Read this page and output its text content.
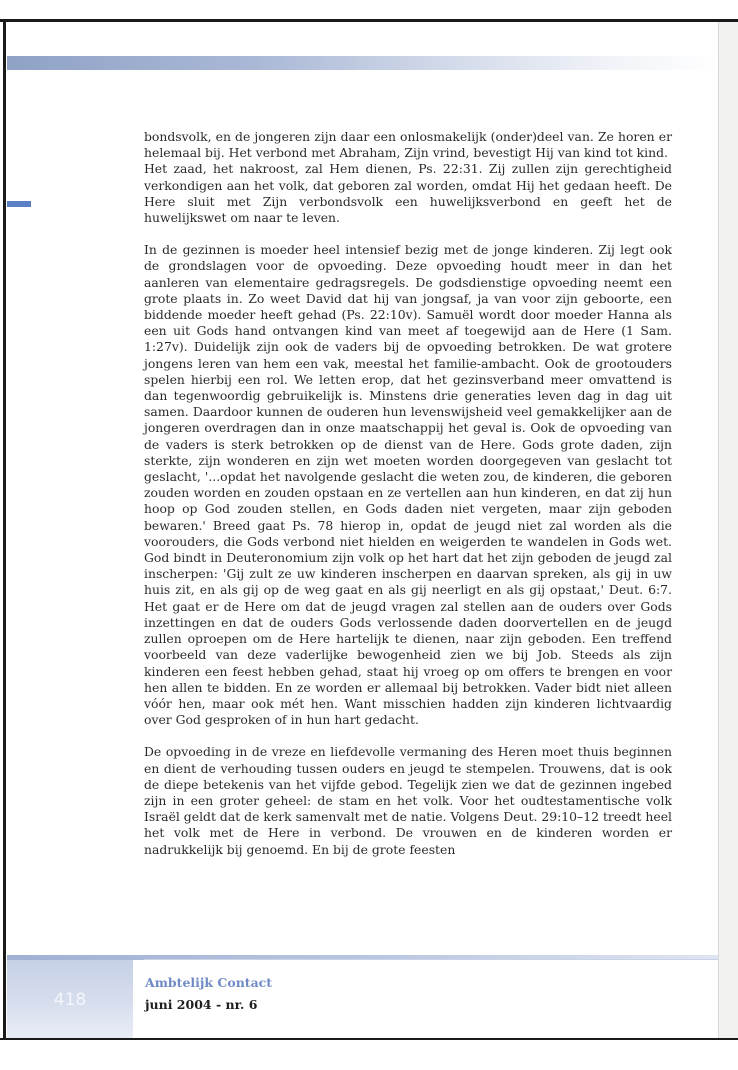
bondsvolk, en de jongeren zijn daar een onlosmakelijk (onder)deel van. Ze horen er helemaal bij. Het verbond met Abraham, Zijn vrind, bevestigt Hij van kind tot kind.

Het zaad, het nakroost, zal Hem dienen, Ps. 22:31. Zij zullen zijn gerechtigheid verkondigen aan het volk, dat geboren zal worden, omdat Hij het gedaan heeft. De Here sluit met Zijn verbondsvolk een huwelijksverbond en geeft het de huwelijkswet om naar te leven.

In de gezinnen is moeder heel intensief bezig met de jonge kinderen. Zij legt ook de grondslagen voor de opvoeding. Deze opvoeding houdt meer in dan het aanleren van elementaire gedragsregels. De godsdienstige opvoeding neemt een grote plaats in. Zo weet David dat hij van jongsaf, ja van voor zijn geboorte, een biddende moeder heeft gehad (Ps. 22:10v). Samuël wordt door moeder Hanna als een uit Gods hand ontvangen kind van meet af toegewijd aan de Here (1 Sam. 1:27v). Duidelijk zijn ook de vaders bij de opvoeding betrokken. De wat grotere jongens leren van hem een vak, meestal het familie-ambacht. Ook de grootouders spelen hierbij een rol. We letten erop, dat het gezinsverband meer omvattend is dan tegenwoordig gebruikelijk is. Minstens drie generaties leven dag in dag uit samen. Daardoor kunnen de ouderen hun levenswijsheid veel gemakkelijker aan de jongeren overdragen dan in onze maatschappij het geval is. Ook de opvoeding van de vaders is sterk betrokken op de dienst van de Here. Gods grote daden, zijn sterkte, zijn wonderen en zijn wet moeten worden doorgegeven van geslacht tot geslacht, '...opdat het navolgende geslacht die weten zou, de kinderen, die geboren zouden worden en zouden opstaan en ze vertellen aan hun kinderen, en dat zij hun hoop op God zouden stellen, en Gods daden niet vergeten, maar zijn geboden bewaren.' Breed gaat Ps. 78 hierop in, opdat de jeugd niet zal worden als die voorouders, die Gods verbond niet hielden en weigerden te wandelen in Gods wet. God bindt in Deuteronomium zijn volk op het hart dat het zijn geboden de jeugd zal inscherpen: 'Gij zult ze uw kinderen inscherpen en daarvan spreken, als gij in uw huis zit, en als gij op de weg gaat en als gij neerligt en als gij opstaat,' Deut. 6:7. Het gaat er de Here om dat de jeugd vragen zal stellen aan de ouders over Gods inzettingen en dat de ouders Gods verlossende daden doorvertellen en de jeugd zullen oproepen om de Here hartelijk te dienen, naar zijn geboden. Een treffend voorbeeld van deze vaderlijke bewogenheid zien we bij Job. Steeds als zijn kinderen een feest hebben gehad, staat hij vroeg op om offers te brengen en voor hen allen te bidden. En ze worden er allemaal bij betrokken. Vader bidt niet alleen vóór hen, maar ook mét hen. Want misschien hadden zijn kinderen lichtvaardig over God gesproken of in hun hart gedacht.

De opvoeding in de vreze en liefdevolle vermaning des Heren moet thuis beginnen en dient de verhouding tussen ouders en jeugd te stempelen. Trouwens, dat is ook de diepe betekenis van het vijfde gebod. Tegelijk zien we dat de gezinnen ingebed zijn in een groter geheel: de stam en het volk. Voor het oudtestamentische volk Israël geldt dat de kerk samenvalt met de natie. Volgens Deut. 29:10–12 treedt heel het volk met de Here in verbond. De vrouwen en de kinderen worden er nadrukkelijk bij genoemd. En bij de grote feesten

418
Ambtelijk Contact
juni 2004 - nr. 6
